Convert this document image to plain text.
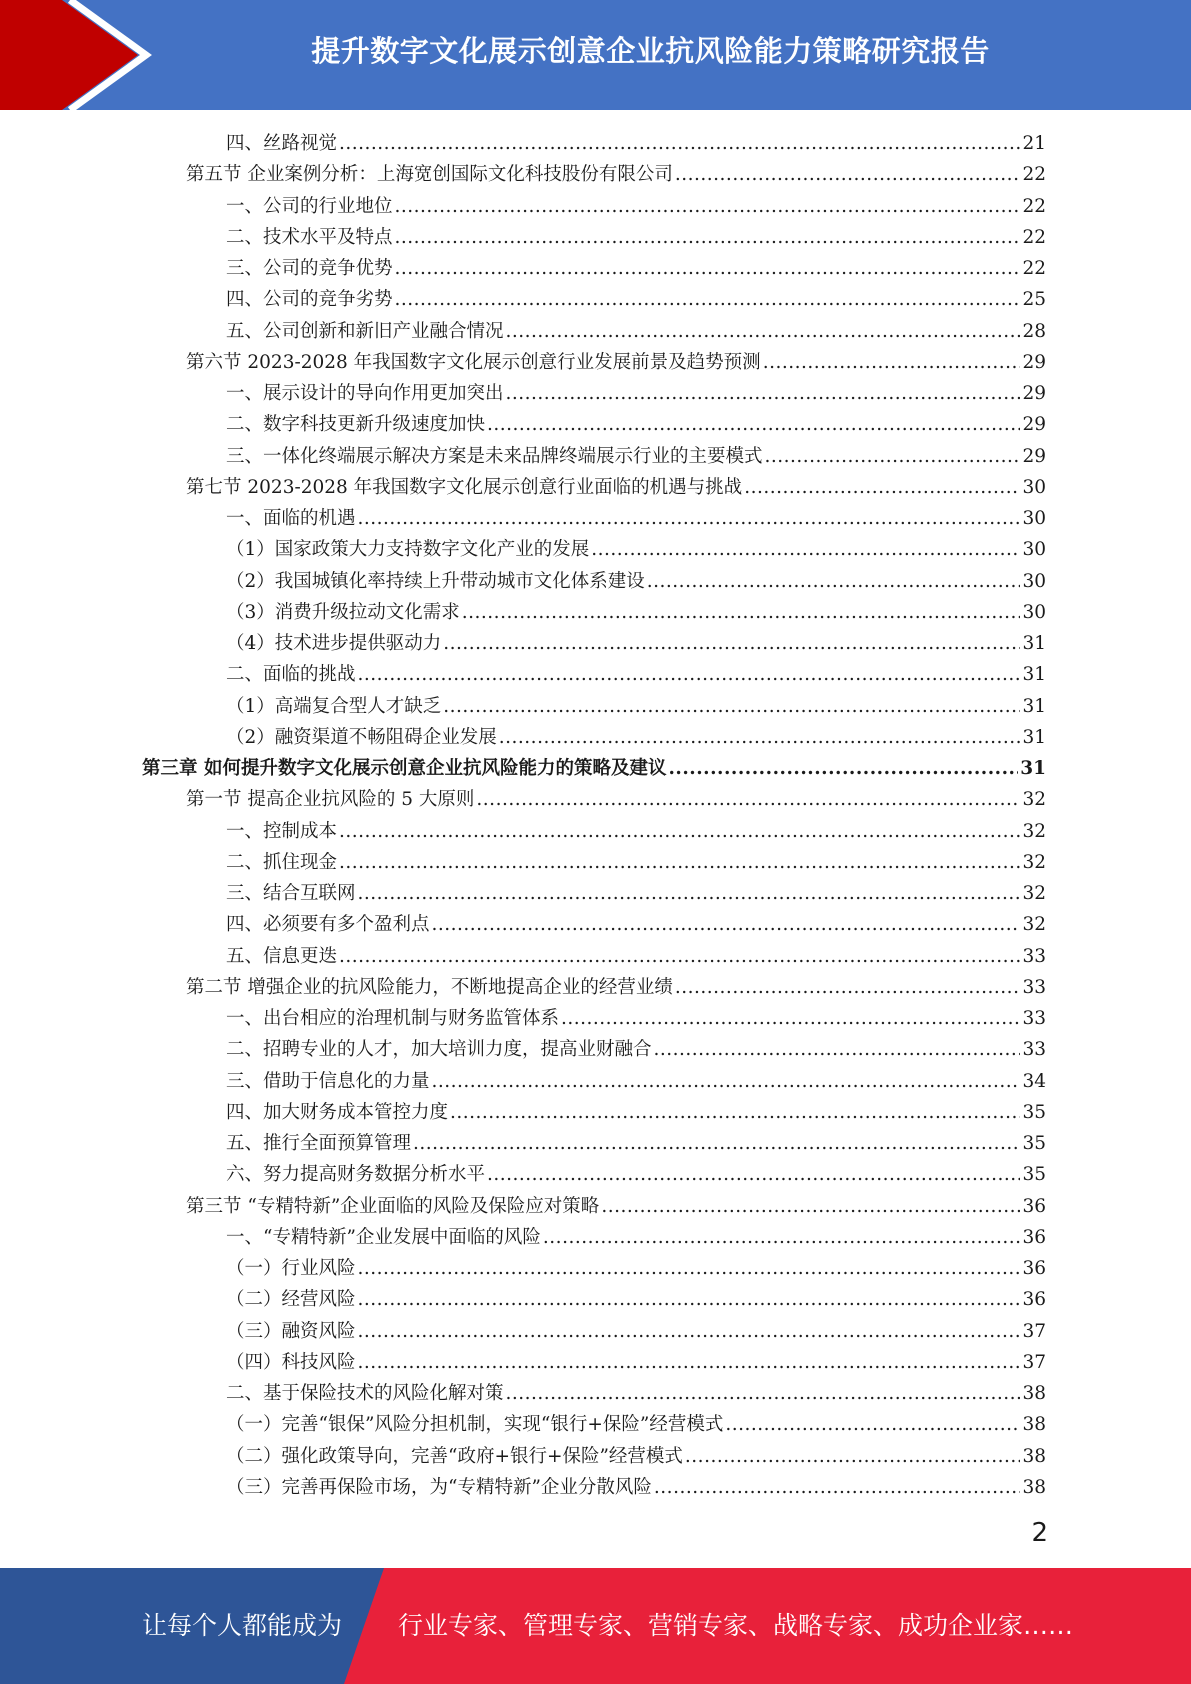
提升数字文化展示创意企业抗风险能力策略研究报告
四、丝路视觉 .....	21
第五节 企业案例分析：上海宽创国际文化科技股份有限公司 .....	22
一、公司的行业地位 .....	22
二、技术水平及特点 .....	22
三、公司的竞争优势 .....	22
四、公司的竞争劣势 .....	25
五、公司创新和新旧产业融合情况 .....	28
第六节 2023-2028 年我国数字文化展示创意行业发展前景及趋势预测 .....	29
一、展示设计的导向作用更加突出 .....	29
二、数字科技更新升级速度加快 .....	29
三、一体化终端展示解决方案是未来品牌终端展示行业的主要模式 .....	29
第七节 2023-2028 年我国数字文化展示创意行业面临的机遇与挑战 .....	30
一、面临的机遇 .....	30
（1）国家政策大力支持数字文化产业的发展 .....	30
（2）我国城镇化率持续上升带动城市文化体系建设 .....	30
（3）消费升级拉动文化需求 .....	30
（4）技术进步提供驱动力 .....	31
二、面临的挑战 .....	31
（1）高端复合型人才缺乏 .....	31
（2）融资渠道不畅阻碍企业发展 .....	31
第三章 如何提升数字文化展示创意企业抗风险能力的策略及建议 .....	31
第一节 提高企业抗风险的 5 大原则 .....	32
一、控制成本 .....	32
二、抓住现金 .....	32
三、结合互联网 .....	32
四、必须要有多个盈利点 .....	32
五、信息更迭 .....	33
第二节 增强企业的抗风险能力，不断地提高企业的经营业绩 .....	33
一、出台相应的治理机制与财务监管体系 .....	33
二、招聘专业的人才，加大培训力度，提高业财融合 .....	33
三、借助于信息化的力量 .....	34
四、加大财务成本管控力度 .....	35
五、推行全面预算管理 .....	35
六、努力提高财务数据分析水平 .....	35
第三节 “专精特新”企业面临的风险及保险应对策略 .....	36
一、“专精特新”企业发展中面临的风险 .....	36
（一）行业风险 .....	36
（二）经营风险 .....	36
（三）融资风险 .....	37
（四）科技风险 .....	37
二、基于保险技术的风险化解对策 .....	38
（一）完善“银保”风险分担机制，实现“银行+保险”经营模式 .....	38
（二）强化政策导向，完善“政府+银行+保险”经营模式 .....	38
（三）完善再保险市场，为“专精特新”企业分散风险 .....	38
2
让每个人都能成为 行业专家、管理专家、营销专家、战略专家、成功企业家……
